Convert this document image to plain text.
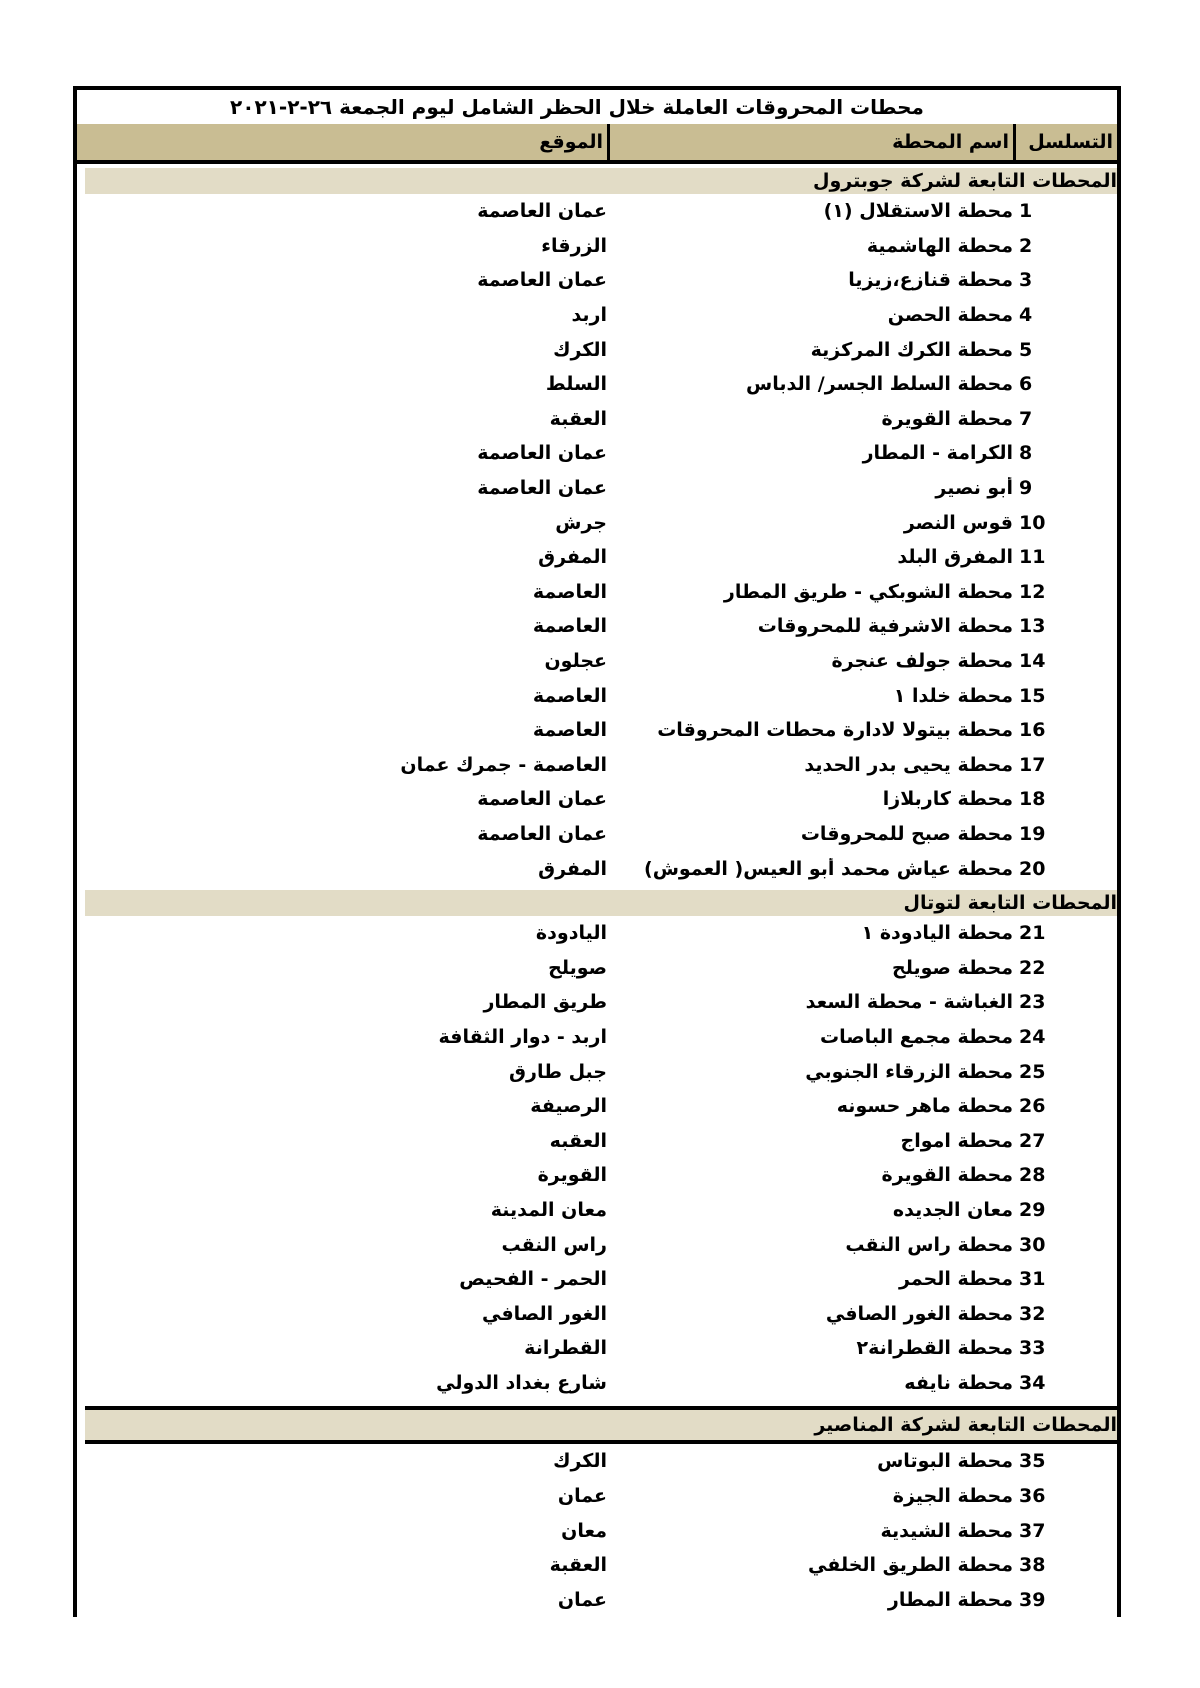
محطات المحروقات العاملة خلال الحظر الشامل ليوم الجمعة ٢٦-٢-٢٠٢١
التسلسل
اسم المحطة
الموقع
المحطات التابعة لشركة جوبترول
1
محطة الاستقلال (١)
عمان العاصمة
2
محطة الهاشمية
الزرقاء
3
محطة قنازع،زيزيا
عمان العاصمة
4
محطة الحصن
اربد
5
محطة الكرك المركزية
الكرك
6
محطة السلط الجسر/ الدباس
السلط
7
محطة القويرة
العقبة
8
الكرامة - المطار
عمان العاصمة
9
أبو نصير
عمان العاصمة
10
قوس النصر
جرش
11
المفرق البلد
المفرق
12
محطة الشوبكي - طريق المطار
العاصمة
13
محطة الاشرفية للمحروقات
العاصمة
14
محطة جولف عنجرة
عجلون
15
محطة خلدا ١
العاصمة
16
محطة بيتولا لادارة محطات المحروقات
العاصمة
17
محطة يحيى بدر الحديد
العاصمة - جمرك عمان
18
محطة كاربلازا
عمان العاصمة
19
محطة صبح للمحروقات
عمان العاصمة
20
محطة عياش محمد أبو العيس( العموش)
المفرق
المحطات التابعة لتوتال
21
محطة اليادودة ١
اليادودة
22
محطة صويلح
صويلح
23
الغباشة - محطة السعد
طريق المطار
24
محطة مجمع الباصات
اربد - دوار الثقافة
25
محطة الزرقاء الجنوبي
جبل طارق
26
محطة ماهر حسونه
الرصيفة
27
محطة امواج
العقبه
28
محطة القويرة
القويرة
29
معان الجديده
معان المدينة
30
محطة راس النقب
راس النقب
31
محطة الحمر
الحمر - الفحيص
32
محطة الغور الصافي
الغور الصافي
33
محطة القطرانة٢
القطرانة
34
محطة نايفه
شارع بغداد الدولي
المحطات التابعة لشركة المناصير
35
محطة البوتاس
الكرك
36
محطة الجيزة
عمان
37
محطة الشيدية
معان
38
محطة الطريق الخلفي
العقبة
39
محطة المطار
عمان
